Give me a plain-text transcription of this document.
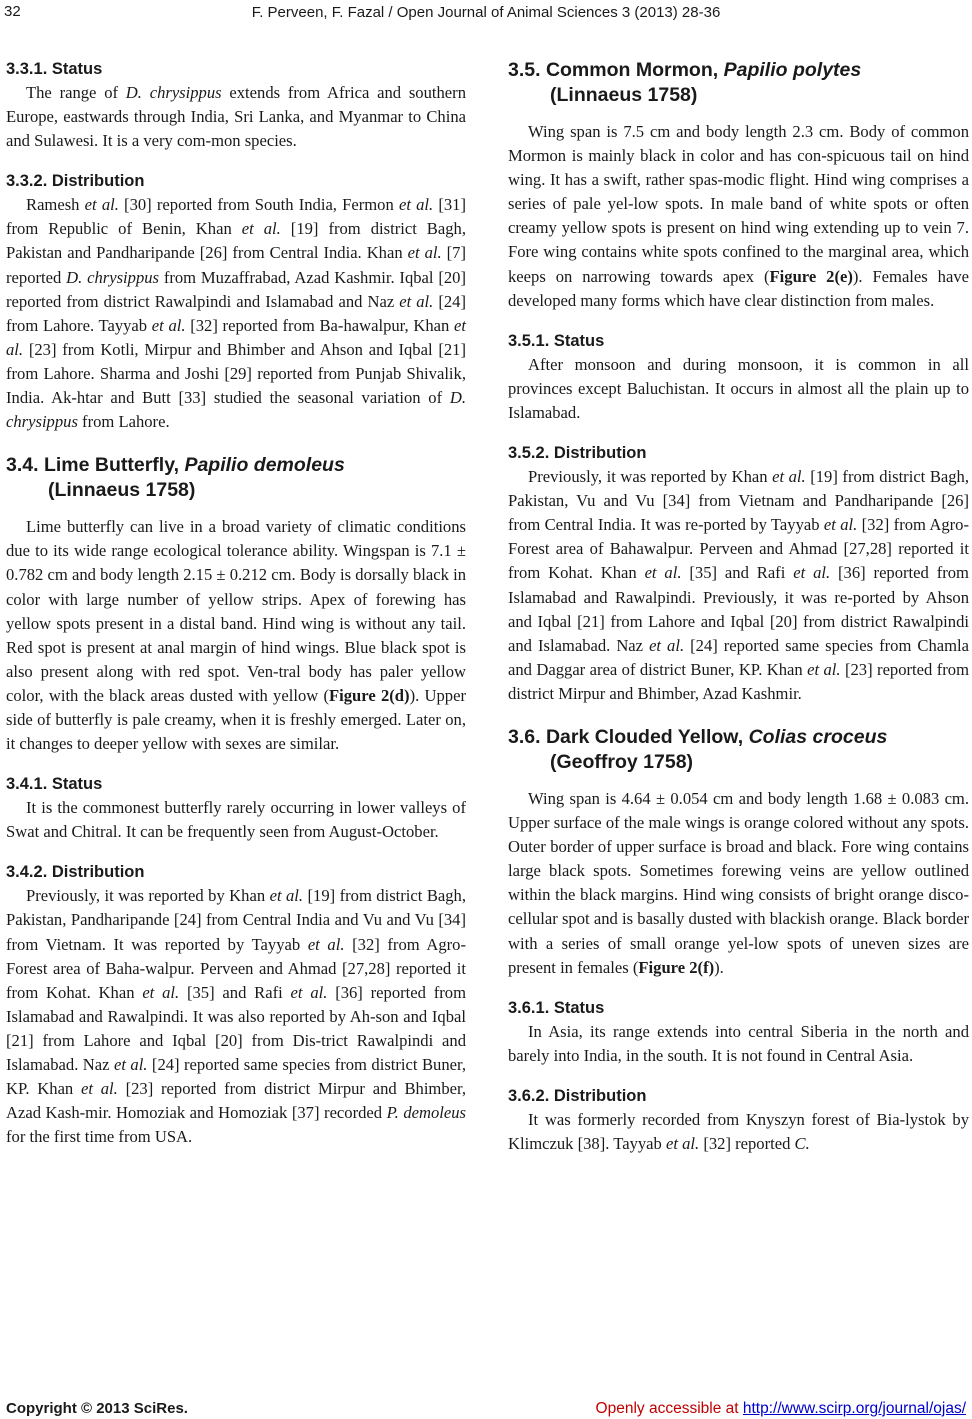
32	F. Perveen, F. Fazal / Open Journal of Animal Sciences 3 (2013) 28-36
3.3.1. Status

The range of D. chrysippus extends from Africa and southern Europe, eastwards through India, Sri Lanka, and Myanmar to China and Sulawesi. It is a very com-mon species.

3.3.2. Distribution

Ramesh et al. [30] reported from South India, Fermon et al. [31] from Republic of Benin, Khan et al. [19] from district Bagh, Pakistan and Pandharipande [26] from Central India. Khan et al. [7] reported D. chrysippus from Muzaffrabad, Azad Kashmir. Iqbal [20] reported from district Rawalpindi and Islamabad and Naz et al. [24] from Lahore. Tayyab et al. [32] reported from Ba-hawalpur, Khan et al. [23] from Kotli, Mirpur and Bhimber and Ahson and Iqbal [21] from Lahore. Sharma and Joshi [29] reported from Punjab Shivalik, India. Ak-htar and Butt [33] studied the seasonal variation of D. chrysippus from Lahore.

3.4. Lime Butterfly, Papilio demoleus
(Linnaeus 1758)

Lime butterfly can live in a broad variety of climatic conditions due to its wide range ecological tolerance ability. Wingspan is 7.1 ± 0.782 cm and body length 2.15 ± 0.212 cm. Body is dorsally black in color with large number of yellow strips. Apex of forewing has yellow spots present in a distal band. Hind wing is without any tail. Red spot is present at anal margin of hind wings. Blue black spot is also present along with red spot. Ven-tral body has paler yellow color, with the black areas dusted with yellow (Figure 2(d)). Upper side of butterfly is pale creamy, when it is freshly emerged. Later on, it changes to deeper yellow with sexes are similar.

3.4.1. Status

It is the commonest butterfly rarely occurring in lower valleys of Swat and Chitral. It can be frequently seen from August-October.

3.4.2. Distribution

Previously, it was reported by Khan et al. [19] from district Bagh, Pakistan, Pandharipande [24] from Central India and Vu and Vu [34] from Vietnam. It was reported by Tayyab et al. [32] from Agro-Forest area of Baha-walpur. Perveen and Ahmad [27,28] reported it from Kohat. Khan et al. [35] and Rafi et al. [36] reported from Islamabad and Rawalpindi. It was also reported by Ah-son and Iqbal [21] from Lahore and Iqbal [20] from Dis-trict Rawalpindi and Islamabad. Naz et al. [24] reported same species from district Buner, KP. Khan et al. [23] reported from district Mirpur and Bhimber, Azad Kash-mir. Homoziak and Homoziak [37] recorded P. demoleus for the first time from USA.

3.5. Common Mormon, Papilio polytes
(Linnaeus 1758)

Wing span is 7.5 cm and body length 2.3 cm. Body of common Mormon is mainly black in color and has con-spicuous tail on hind wing. It has a swift, rather spas-modic flight. Hind wing comprises a series of pale yel-low spots. In male band of white spots or often creamy yellow spots is present on hind wing extending up to vein 7. Fore wing contains white spots confined to the marginal area, which keeps on narrowing towards apex (Figure 2(e)). Females have developed many forms which have clear distinction from males.

3.5.1. Status

After monsoon and during monsoon, it is common in all provinces except Baluchistan. It occurs in almost all the plain up to Islamabad.

3.5.2. Distribution

Previously, it was reported by Khan et al. [19] from district Bagh, Pakistan, Vu and Vu [34] from Vietnam and Pandharipande [26] from Central India. It was re-ported by Tayyab et al. [32] from Agro-Forest area of Bahawalpur. Perveen and Ahmad [27,28] reported it from Kohat. Khan et al. [35] and Rafi et al. [36] reported from Islamabad and Rawalpindi. Previously, it was re-ported by Ahson and Iqbal [21] from Lahore and Iqbal [20] from district Rawalpindi and Islamabad. Naz et al. [24] reported same species from Chamla and Daggar area of district Buner, KP. Khan et al. [23] reported from district Mirpur and Bhimber, Azad Kashmir.

3.6. Dark Clouded Yellow, Colias croceus
(Geoffroy 1758)

Wing span is 4.64 ± 0.054 cm and body length 1.68 ± 0.083 cm. Upper surface of the male wings is orange colored without any spots. Outer border of upper surface is broad and black. Fore wing contains large black spots. Sometimes forewing veins are yellow outlined within the black margins. Hind wing consists of bright orange disco-cellular spot and is basally dusted with blackish orange. Black border with a series of small orange yel-low spots of uneven sizes are present in females (Figure 2(f)).

3.6.1. Status

In Asia, its range extends into central Siberia in the north and barely into India, in the south. It is not found in Central Asia.

3.6.2. Distribution

It was formerly recorded from Knyszyn forest of Bia-lystok by Klimczuk [38]. Tayyab et al. [32] reported C.

Copyright © 2013 SciRes.	Openly accessible at http://www.scirp.org/journal/ojas/
